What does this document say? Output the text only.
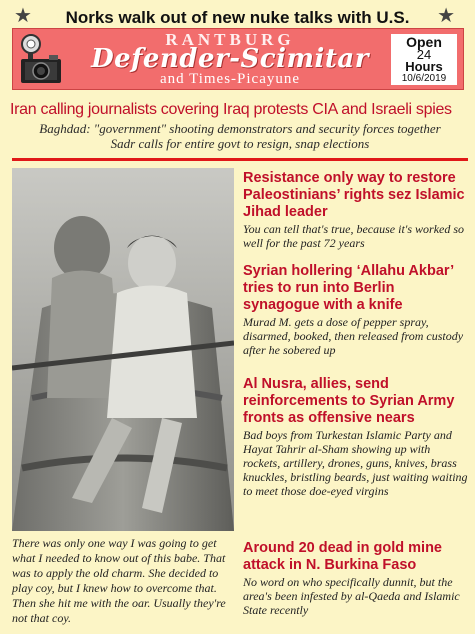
★	Norks walk out of new nuke talks with U.S.	★
RANTBURG
Defender-Scimitar
and Times-Picayune
Open
24
Hours
10/6/2019
Iran calling journalists covering Iraq protests CIA and Israeli spies
Baghdad: "government" shooting demonstrators and security forces together
Sadr calls for entire govt to resign, snap elections
There was only one way I was going to get what I needed to know out of this babe. That was to apply the old charm. She decided to play coy, but I knew how to overcome that. Then she hit me with the oar. Usually they're not that coy.
Resistance only way to restore Paleostinians’ rights sez Islamic Jihad leader
You can tell that's true, because it's worked so well for the past 72 years
Syrian hollering ‘Allahu Akbar’ tries to run into Berlin synagogue with a knife
Murad M. gets a dose of pepper spray, disarmed, booked, then released from custody after he sobered up
Al Nusra, allies, send reinforcements to Syrian Army fronts as offensive nears
Bad boys from Turkestan Islamic Party and Hayat Tahrir al-Sham showing up with rockets, artillery, drones, guns, knives, brass knuckles, bristling beards, just waiting waiting to meet those doe-eyed virgins
Around 20 dead in gold mine attack in N. Burkina Faso
No word on who specifically dunnit, but the area's been infested by al-Qaeda and Islamic State recently
